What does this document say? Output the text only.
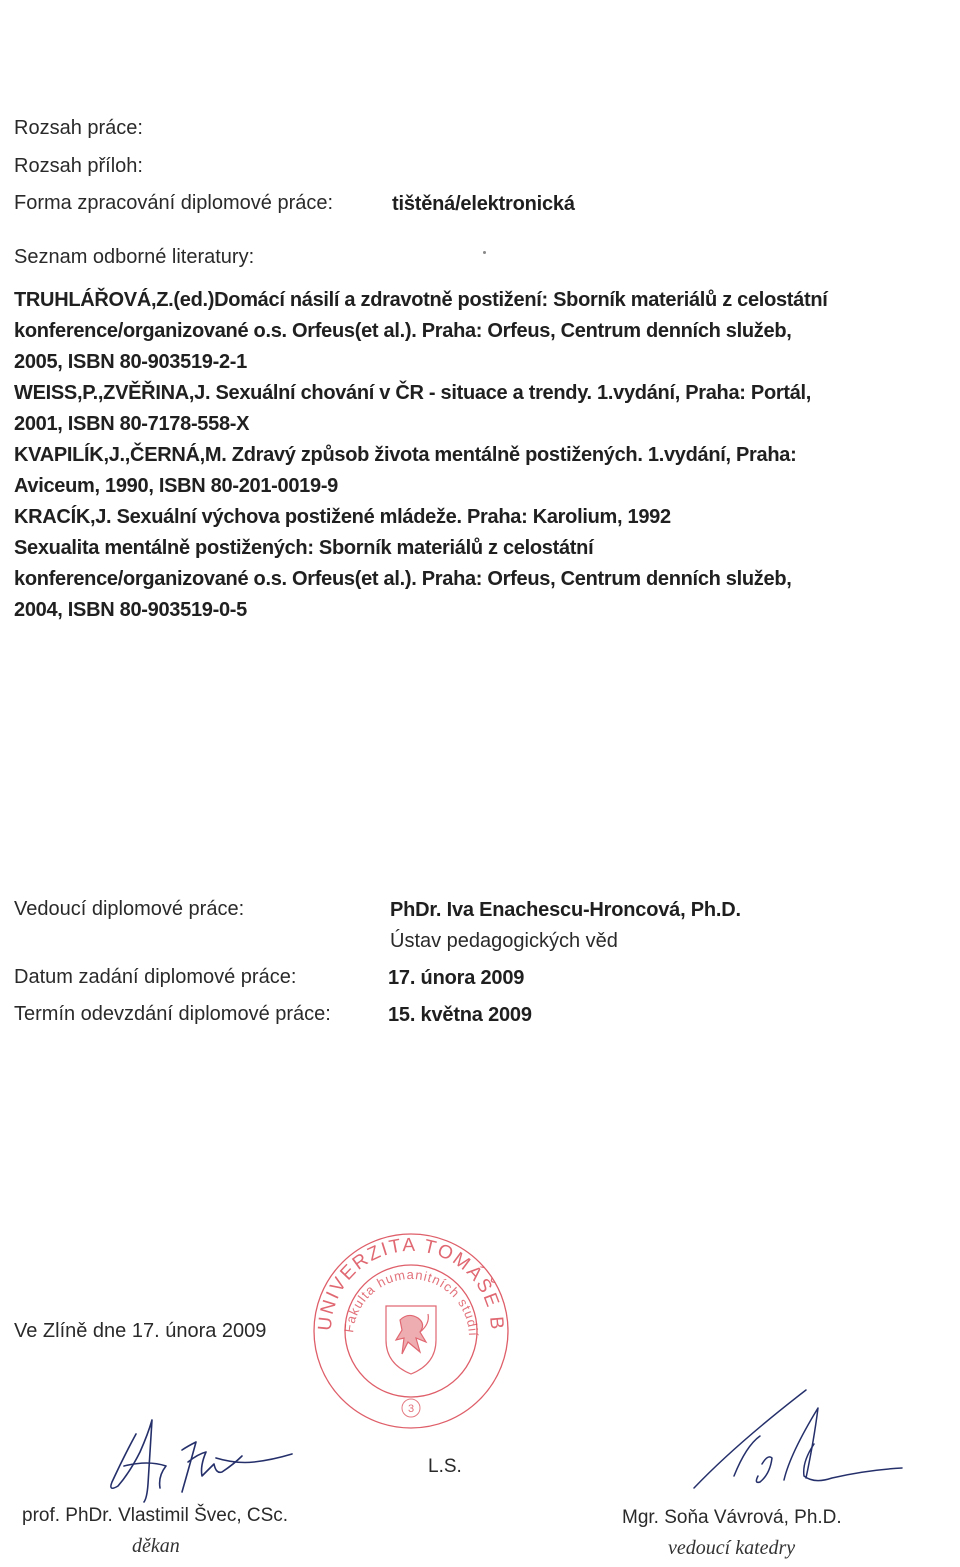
Rozsah práce:
Rozsah příloh:
Forma zpracování diplomové práce:	tištěná/elektronická
Seznam odborné literatury:
TRUHLÁŘOVÁ,Z.(ed.)Domácí násilí a zdravotně postižení: Sborník materiálů z celostátní
konference/organizované o.s. Orfeus(et al.). Praha: Orfeus, Centrum denních služeb,
2005, ISBN 80-903519-2-1
WEISS,P.,ZVĚŘINA,J. Sexuální chování v ČR - situace a trendy. 1.vydání, Praha: Portál,
2001, ISBN 80-7178-558-X
KVAPILÍK,J.,ČERNÁ,M. Zdravý způsob života mentálně postižených. 1.vydání, Praha:
Aviceum, 1990, ISBN 80-201-0019-9
KRACÍK,J. Sexuální výchova postižené mládeže. Praha: Karolium, 1992
Sexualita mentálně postižených: Sborník materiálů z celostátní
konference/organizované o.s. Orfeus(et al.). Praha: Orfeus, Centrum denních služeb,
2004, ISBN 80-903519-0-5
Vedoucí diplomové práce:	PhDr. Iva Enachescu-Hroncová, Ph.D.
Ústav pedagogických věd
Datum zadání diplomové práce:	17. února 2009
Termín odevzdání diplomové práce:	15. května 2009
Ve Zlíně dne 17. února 2009	UNIVERZITA TOMÁŠE B
Fakulta humanitních studií
3
L.S.
prof. PhDr. Vlastimil Švec, CSc.
děkan
Mgr. Soňa Vávrová, Ph.D.
vedoucí katedry
